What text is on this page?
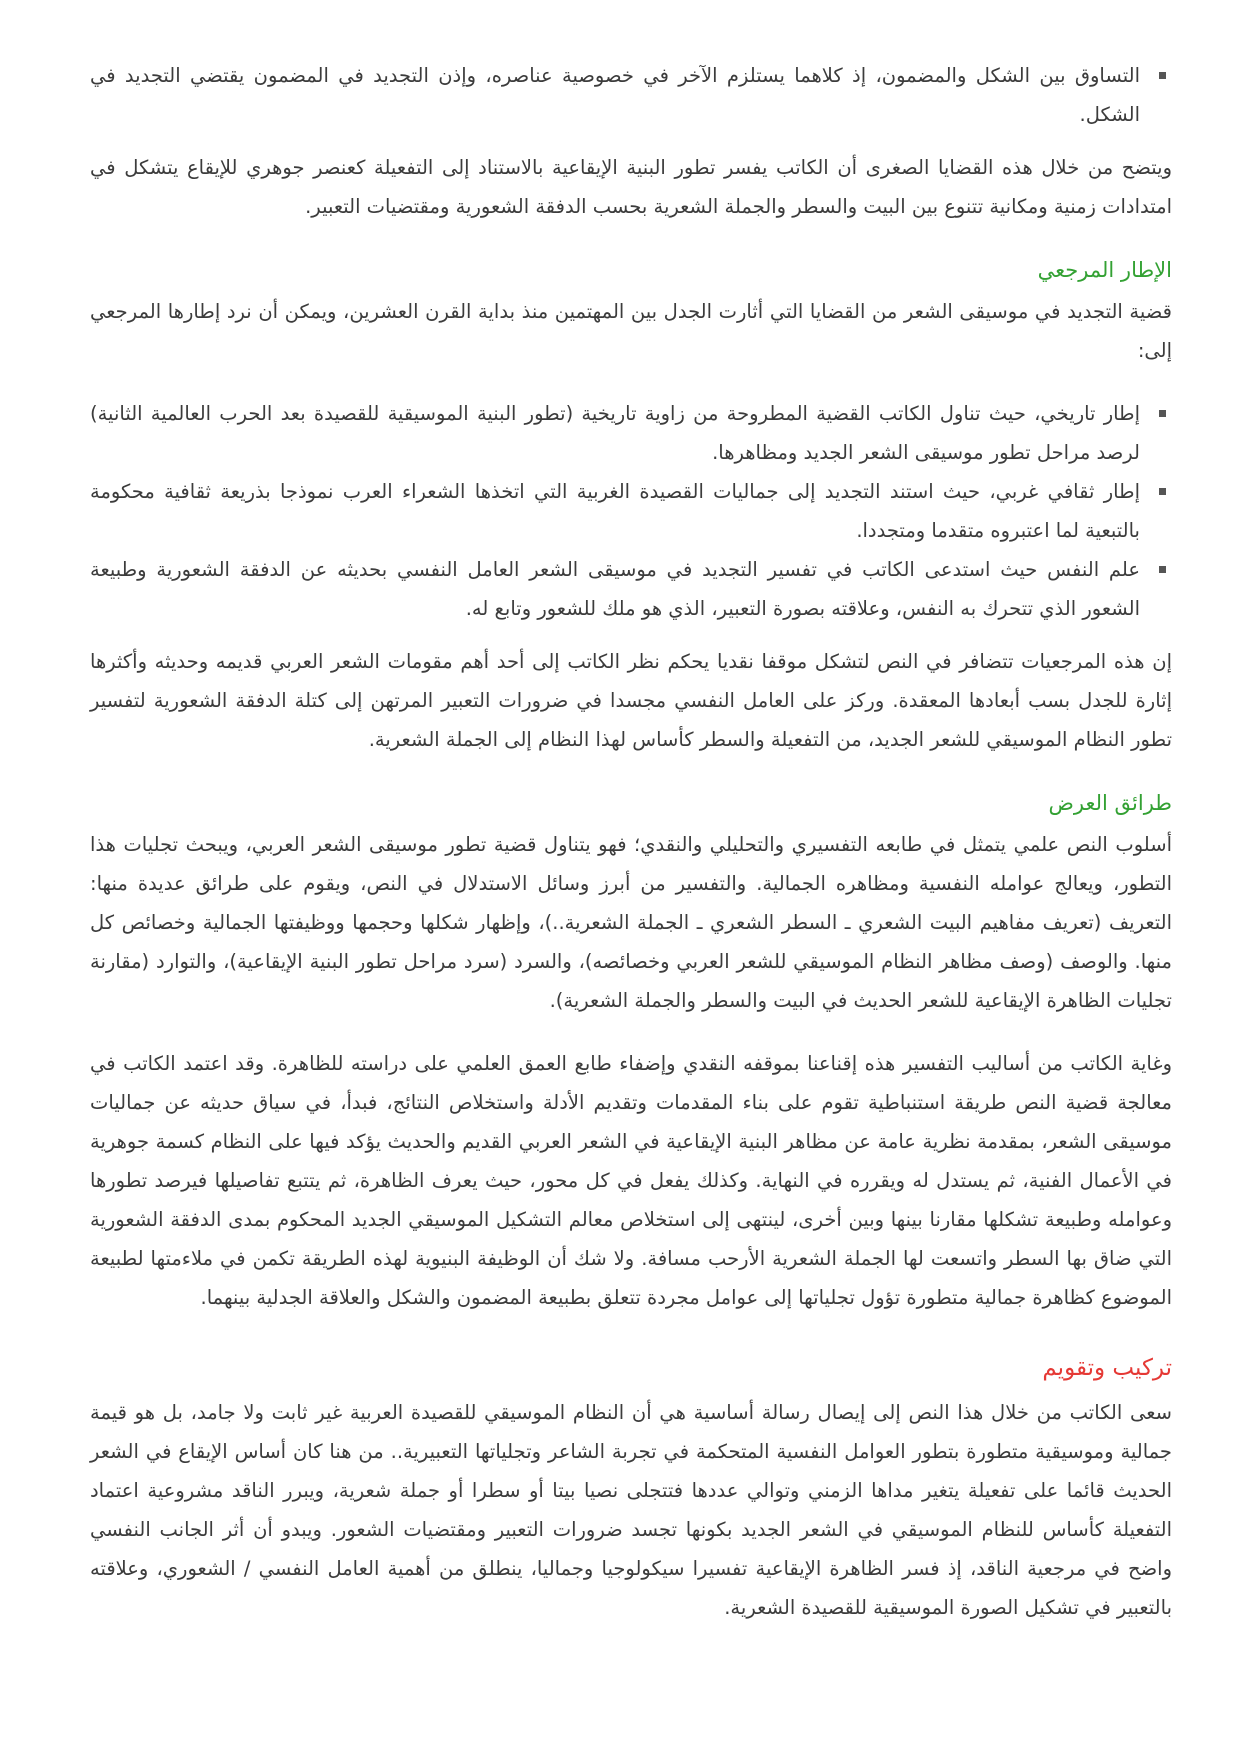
التساوق بين الشكل والمضمون، إذ كلاهما يستلزم الآخر في خصوصية عناصره، وإذن التجديد في المضمون يقتضي التجديد في الشكل.

ويتضح من خلال هذه القضايا الصغرى أن الكاتب يفسر تطور البنية الإيقاعية بالاستناد إلى التفعيلة كعنصر جوهري للإيقاع يتشكل في امتدادات زمنية ومكانية تتنوع بين البيت والسطر والجملة الشعرية بحسب الدفقة الشعورية ومقتضيات التعبير.

الإطار المرجعي

قضية التجديد في موسيقى الشعر من القضايا التي أثارت الجدل بين المهتمين منذ بداية القرن العشرين، ويمكن أن نرد إطارها المرجعي إلى:

إطار تاريخي، حيث تناول الكاتب القضية المطروحة من زاوية تاريخية (تطور البنية الموسيقية للقصيدة بعد الحرب العالمية الثانية) لرصد مراحل تطور موسيقى الشعر الجديد ومظاهرها.
إطار ثقافي غربي، حيث استند التجديد إلى جماليات القصيدة الغربية التي اتخذها الشعراء العرب نموذجا بذريعة ثقافية محكومة بالتبعية لما اعتبروه متقدما ومتجددا.
علم النفس حيث استدعى الكاتب في تفسير التجديد في موسيقى الشعر العامل النفسي بحديثه عن الدفقة الشعورية وطبيعة الشعور الذي تتحرك به النفس، وعلاقته بصورة التعبير، الذي هو ملك للشعور وتابع له.

إن هذه المرجعيات تتضافر في النص لتشكل موقفا نقديا يحكم نظر الكاتب إلى أحد أهم مقومات الشعر العربي قديمه وحديثه وأكثرها إثارة للجدل بسب أبعادها المعقدة. وركز على العامل النفسي مجسدا في ضرورات التعبير المرتهن إلى كتلة الدفقة الشعورية لتفسير تطور النظام الموسيقي للشعر الجديد، من التفعيلة والسطر كأساس لهذا النظام إلى الجملة الشعرية.

طرائق العرض

أسلوب النص علمي يتمثل في طابعه التفسيري والتحليلي والنقدي؛ فهو يتناول قضية تطور موسيقى الشعر العربي، ويبحث تجليات هذا التطور، ويعالج عوامله النفسية ومظاهره الجمالية. والتفسير من أبرز وسائل الاستدلال في النص، ويقوم على طرائق عديدة منها: التعريف (تعريف مفاهيم البيت الشعري ـ السطر الشعري ـ الجملة الشعرية..)، وإظهار شكلها وحجمها ووظيفتها الجمالية وخصائص كل منها. والوصف (وصف مظاهر النظام الموسيقي للشعر العربي وخصائصه)، والسرد (سرد مراحل تطور البنية الإيقاعية)، والتوارد (مقارنة تجليات الظاهرة الإيقاعية للشعر الحديث في البيت والسطر والجملة الشعرية).

وغاية الكاتب من أساليب التفسير هذه إقناعنا بموقفه النقدي وإضفاء طابع العمق العلمي على دراسته للظاهرة. وقد اعتمد الكاتب في معالجة قضية النص طريقة استنباطية تقوم على بناء المقدمات وتقديم الأدلة واستخلاص النتائج، فبدأ، في سياق حديثه عن جماليات موسيقى الشعر، بمقدمة نظرية عامة عن مظاهر البنية الإيقاعية في الشعر العربي القديم والحديث يؤكد فيها على النظام كسمة جوهرية في الأعمال الفنية، ثم يستدل له ويقرره في النهاية. وكذلك يفعل في كل محور، حيث يعرف الظاهرة، ثم يتتبع تفاصيلها فيرصد تطورها وعوامله وطبيعة تشكلها مقارنا بينها وبين أخرى، لينتهى إلى استخلاص معالم التشكيل الموسيقي الجديد المحكوم بمدى الدفقة الشعورية التي ضاق بها السطر واتسعت لها الجملة الشعرية الأرحب مسافة. ولا شك أن الوظيفة البنيوية لهذه الطريقة تكمن في ملاءمتها لطبيعة الموضوع كظاهرة جمالية متطورة تؤول تجلياتها إلى عوامل مجردة تتعلق بطبيعة المضمون والشكل والعلاقة الجدلية بينهما.

تركيب وتقويم

سعى الكاتب من خلال هذا النص إلى إيصال رسالة أساسية هي أن النظام الموسيقي للقصيدة العربية غير ثابت ولا جامد، بل هو قيمة جمالية وموسيقية متطورة بتطور العوامل النفسية المتحكمة في تجربة الشاعر وتجلياتها التعبيرية.. من هنا كان أساس الإيقاع في الشعر الحديث قائما على تفعيلة يتغير مداها الزمني وتوالي عددها فتتجلى نصيا بيتا أو سطرا أو جملة شعرية، ويبرر الناقد مشروعية اعتماد التفعيلة كأساس للنظام الموسيقي في الشعر الجديد بكونها تجسد ضرورات التعبير ومقتضيات الشعور. ويبدو أن أثر الجانب النفسي واضح في مرجعية الناقد، إذ فسر الظاهرة الإيقاعية تفسيرا سيكولوجيا وجماليا، ينطلق من أهمية العامل النفسي / الشعوري، وعلاقته بالتعبير في تشكيل الصورة الموسيقية للقصيدة الشعرية.
